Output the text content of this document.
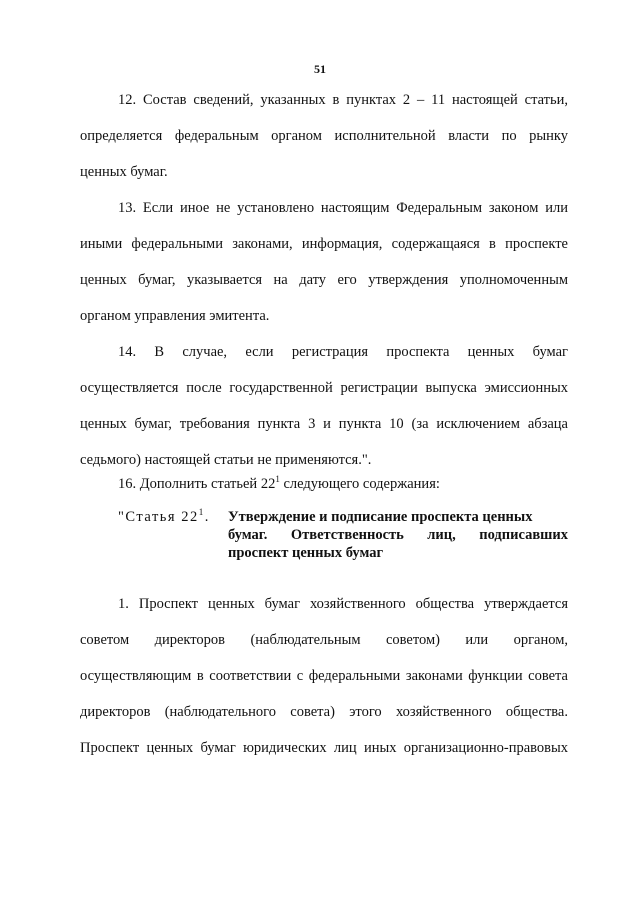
51
12. Состав сведений, указанных в пунктах 2 – 11 настоящей статьи,
определяется федеральным органом исполнительной власти по рынку
ценных бумаг.
13. Если иное не установлено настоящим Федеральным законом или
иными федеральными законами, информация, содержащаяся в проспекте
ценных бумаг, указывается на дату его утверждения уполномоченным
органом управления эмитента.
14. В случае, если регистрация проспекта ценных бумаг
осуществляется после государственной регистрации выпуска эмиссионных
ценных бумаг, требования пункта 3 и пункта 10 (за исключением абзаца
седьмого) настоящей статьи не применяются.".
16. Дополнить статьей $22^1$ следующего содержания:
"Статья $22^1$. Утверждение и подписание проспекта ценных
бумаг. Ответственность лиц, подписавших
проспект ценных бумаг
1. Проспект ценных бумаг хозяйственного общества утверждается
советом директоров (наблюдательным советом) или органом,
осуществляющим в соответствии с федеральными законами функции совета
директоров (наблюдательного совета) этого хозяйственного общества.
Проспект ценных бумаг юридических лиц иных организационно-правовых
